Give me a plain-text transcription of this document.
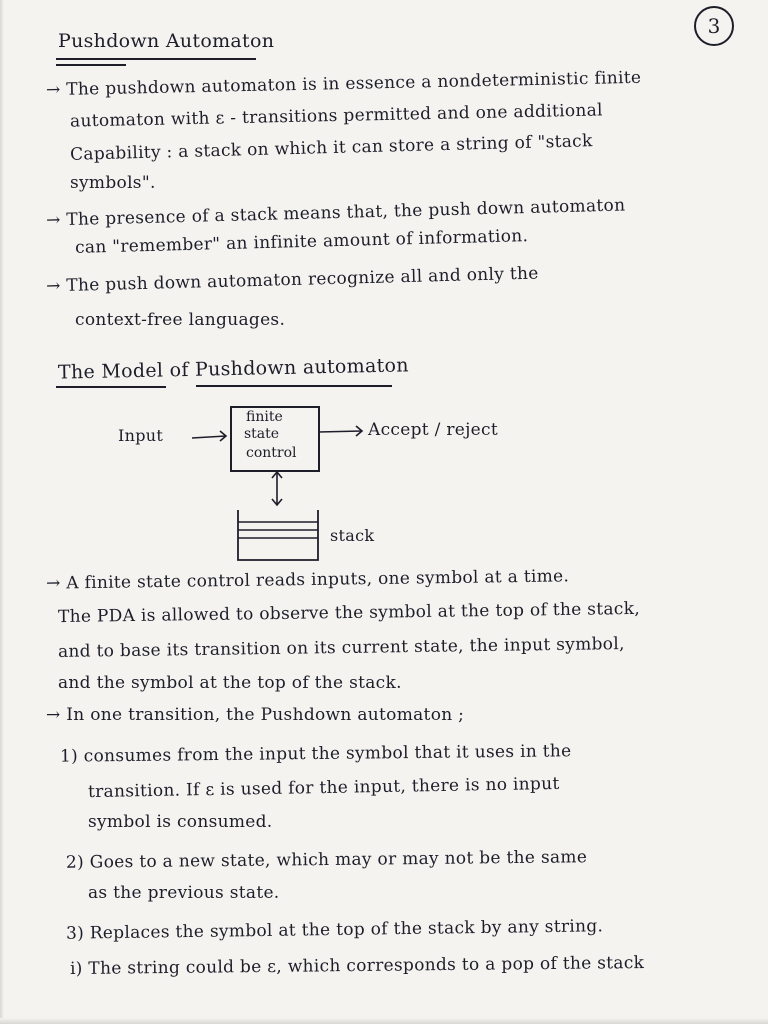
3
Pushdown Automaton
→ The pushdown automaton is in essence a nondeterministic finite
automaton with ε - transitions permitted and one additional
Capability : a stack on which it can store a string of "stack
symbols".
→ The presence of a stack means that, the push down automaton
can "remember" an infinite amount of information.
→ The push down automaton recognize all and only the
context-free languages.
The Model of Pushdown automaton
Input
finite
state
control
Accept / reject
stack
→ A finite state control reads inputs, one symbol at a time.
The PDA is allowed to observe the symbol at the top of the stack,
and to base its transition on its current state, the input symbol,
and the symbol at the top of the stack.
→ In one transition, the Pushdown automaton ;
1) consumes from the input the symbol that it uses in the
transition. If ε is used for the input, there is no input
symbol is consumed.
2) Goes to a new state, which may or may not be the same
as the previous state.
3) Replaces the symbol at the top of the stack by any string.
i) The string could be ε, which corresponds to a pop of the stack
